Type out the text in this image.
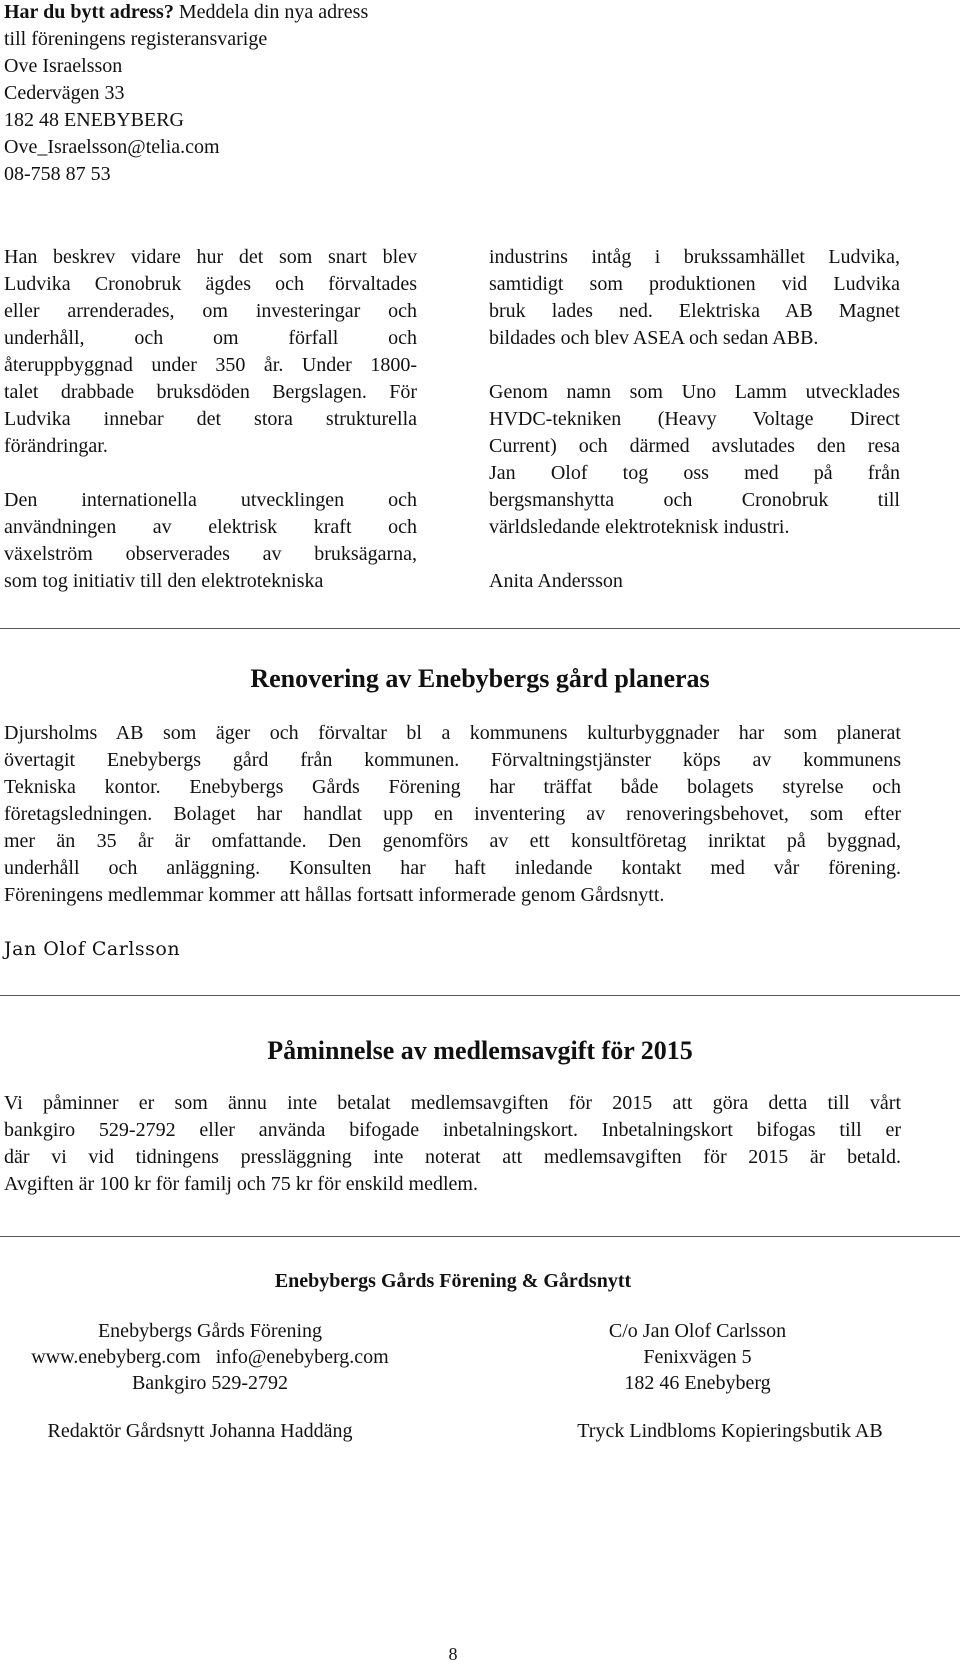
Har du bytt adress? Meddela din nya adress
till föreningens registeransvarige
Ove Israelsson
Cedervägen 33
182 48 ENEBYBERG
Ove_Israelsson@telia.com
08-758 87 53
Han beskrev vidare hur det som snart blev
Ludvika Cronobruk ägdes och förvaltades
eller arrenderades, om investeringar och
underhåll, och om förfall och
återuppbyggnad under 350 år. Under 1800-
talet drabbade bruksdöden Bergslagen. För
Ludvika innebar det stora strukturella
förändringar.
Den internationella utvecklingen och
användningen av elektrisk kraft och
växelström observerades av bruksägarna,
som tog initiativ till den elektrotekniska
industrins intåg i brukssamhället Ludvika,
samtidigt som produktionen vid Ludvika
bruk lades ned. Elektriska AB Magnet
bildades och blev ASEA och sedan ABB.
Genom namn som Uno Lamm utvecklades
HVDC-tekniken (Heavy Voltage Direct
Current) och därmed avslutades den resa
Jan Olof tog oss med på från
bergsmanshytta och Cronobruk till
världsledande elektroteknisk industri.
Anita Andersson
Renovering av Enebybergs gård planeras
Djursholms AB som äger och förvaltar bl a kommunens kulturbyggnader har som planerat
övertagit Enebybergs gård från kommunen. Förvaltningstjänster köps av kommunens
Tekniska kontor. Enebybergs Gårds Förening har träffat både bolagets styrelse och
företagsledningen. Bolaget har handlat upp en inventering av renoveringsbehovet, som efter
mer än 35 år är omfattande. Den genomförs av ett konsultföretag inriktat på byggnad,
underhåll och anläggning. Konsulten har haft inledande kontakt med vår förening.
Föreningens medlemmar kommer att hållas fortsatt informerade genom Gårdsnytt.
Jan Olof Carlsson
Påminnelse av medlemsavgift för 2015
Vi påminner er som ännu inte betalat medlemsavgiften för 2015 att göra detta till vårt
bankgiro 529-2792 eller använda bifogade inbetalningskort. Inbetalningskort bifogas till er
där vi vid tidningens pressläggning inte noterat att medlemsavgiften för 2015 är betald.
Avgiften är 100 kr för familj och 75 kr för enskild medlem.
Enebybergs Gårds Förening & Gårdsnytt
Enebybergs Gårds Förening
www.enebyberg.com   info@enebyberg.com
Bankgiro 529-2792
C/o Jan Olof Carlsson
Fenixvägen 5
182 46 Enebyberg
Redaktör Gårdsnytt Johanna Haddäng	Tryck Lindbloms Kopieringsbutik AB
8
